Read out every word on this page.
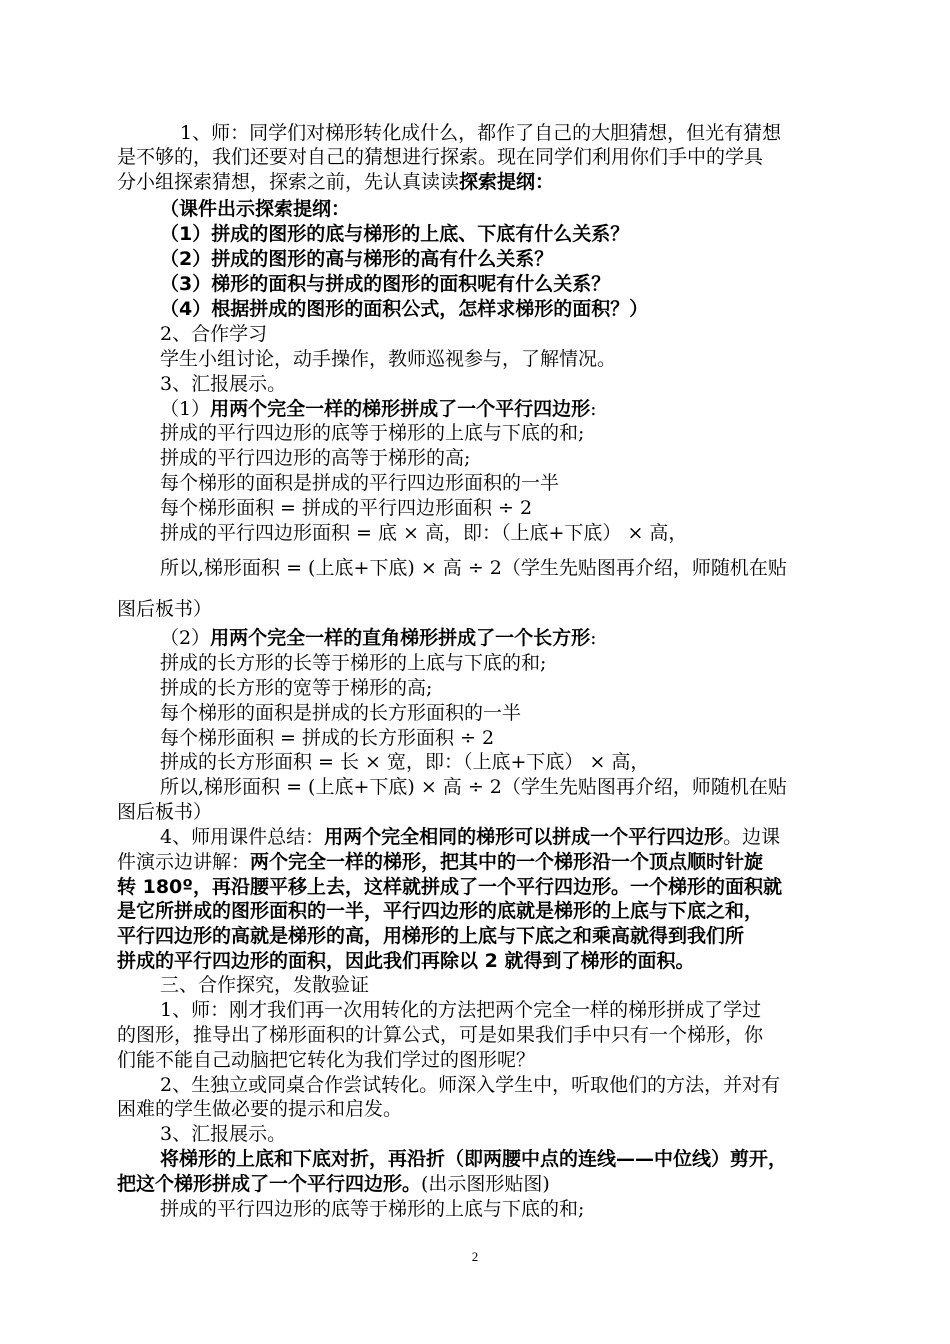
1、师：同学们对梯形转化成什么，都作了自己的大胆猜想，但光有猜想
是不够的，我们还要对自己的猜想进行探索。现在同学们利用你们手中的学具
分小组探索猜想，探索之前，先认真读读探索提纲：
（课件出示探索提纲：
（1）拼成的图形的底与梯形的上底、下底有什么关系？
（2）拼成的图形的高与梯形的高有什么关系？
（3）梯形的面积与拼成的图形的面积呢有什么关系？
（4）根据拼成的图形的面积公式，怎样求梯形的面积？）
2、合作学习
学生小组讨论，动手操作，教师巡视参与，了解情况。
3、汇报展示。
（1）用两个完全一样的梯形拼成了一个平行四边形:
拼成的平行四边形的底等于梯形的上底与下底的和;
拼成的平行四边形的高等于梯形的高;
每个梯形的面积是拼成的平行四边形面积的一半
每个梯形面积 = 拼成的平行四边形面积 ÷ 2
拼成的平行四边形面积 = 底 × 高，即：（上底+下底） × 高，
所以,梯形面积 = (上底+下底) × 高 ÷ 2（学生先贴图再介绍，师随机在贴
图后板书）
（2）用两个完全一样的直角梯形拼成了一个长方形:
拼成的长方形的长等于梯形的上底与下底的和;
拼成的长方形的宽等于梯形的高;
每个梯形的面积是拼成的长方形面积的一半
每个梯形面积 = 拼成的长方形面积 ÷ 2
拼成的长方形面积 = 长 × 宽，即：（上底+下底） × 高，
所以,梯形面积 = (上底+下底) × 高 ÷ 2（学生先贴图再介绍，师随机在贴
图后板书）
4、师用课件总结：用两个完全相同的梯形可以拼成一个平行四边形。边课
件演示边讲解：两个完全一样的梯形，把其中的一个梯形沿一个顶点顺时针旋
转 180º，再沿腰平移上去，这样就拼成了一个平行四边形。一个梯形的面积就
是它所拼成的图形面积的一半，平行四边形的底就是梯形的上底与下底之和，
平行四边形的高就是梯形的高，用梯形的上底与下底之和乘高就得到我们所
拼成的平行四边形的面积，因此我们再除以 2 就得到了梯形的面积。
三、合作探究，发散验证
1、师：刚才我们再一次用转化的方法把两个完全一样的梯形拼成了学过
的图形，推导出了梯形面积的计算公式，可是如果我们手中只有一个梯形，你
们能不能自己动脑把它转化为我们学过的图形呢？
2、生独立或同桌合作尝试转化。师深入学生中，听取他们的方法，并对有
困难的学生做必要的提示和启发。
3、汇报展示。
将梯形的上底和下底对折，再沿折（即两腰中点的连线——中位线）剪开，
把这个梯形拼成了一个平行四边形。(出示图形贴图)
拼成的平行四边形的底等于梯形的上底与下底的和;
2
